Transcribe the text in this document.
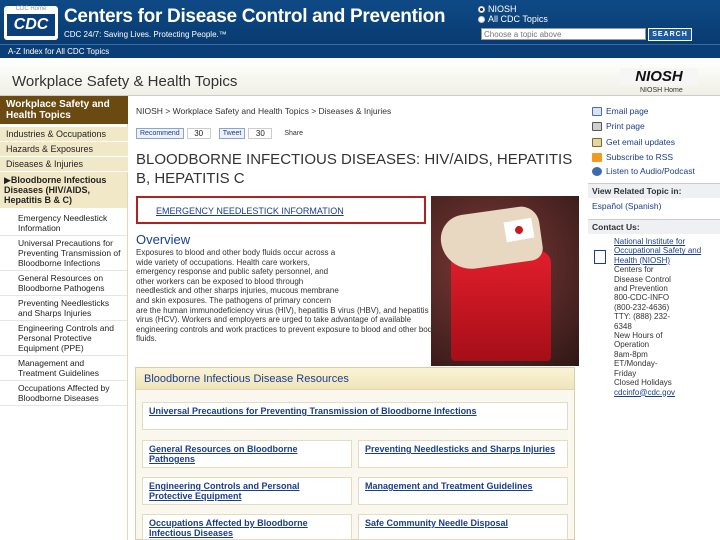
CDC Home
CDC Centers for Disease Control and Prevention
CDC 24/7: Saving Lives. Protecting People.™
NIOSH
All CDC Topics
Choose a topic above
SEARCH
A-Z Index for All CDC Topics
Workplace Safety & Health Topics	NIOSH
NIOSH Home
Workplace Safety and Health Topics
Industries & Occupations
Hazards & Exposures
Diseases & Injuries
▶Bloodborne Infectious Diseases (HIV/AIDS, Hepatitis B & C)
Emergency Needlestick Information
Universal Precautions for Preventing Transmission of Bloodborne Infections
General Resources on Bloodborne Pathogens
Preventing Needlesticks and Sharps Injuries
Engineering Controls and Personal Protective Equipment (PPE)
Management and Treatment Guidelines
Occupations Affected by Bloodborne Diseases
NIOSH > Workplace Safety and Health Topics > Diseases & Injuries
Recommend	30	Tweet	30	Share
BLOODBORNE INFECTIOUS DISEASES: HIV/AIDS, HEPATITIS B, HEPATITIS C
EMERGENCY NEEDLESTICK INFORMATION
Overview
Exposures to blood and other body fluids occur across a
wide variety of occupations. Health care workers,
emergency response and public safety personnel, and
other workers can be exposed to blood through
needlestick and other sharps injuries, mucous membrane
and skin exposures. The pathogens of primary concern
are the human immunodeficiency virus (HIV), hepatitis B virus (HBV), and hepatitis C
virus (HCV). Workers and employers are urged to take advantage of available
engineering controls and work practices to prevent exposure to blood and other body
fluids.
Bloodborne Infectious Disease Resources
Universal Precautions for Preventing Transmission of Bloodborne Infections
General Resources on Bloodborne Pathogens
Preventing Needlesticks and Sharps Injuries
Engineering Controls and Personal Protective Equipment
Management and Treatment Guidelines
Occupations Affected by Bloodborne Infectious Diseases
Safe Community Needle Disposal
Email page
Print page
Get email updates
Subscribe to RSS
Listen to Audio/Podcast
View Related Topic in:
Español (Spanish)
Contact Us:
National Institute for Occupational Safety and Health (NIOSH)
Centers for
Disease Control
and Prevention
800-CDC-INFO
(800-232-4636)
TTY: (888) 232-
6348
New Hours of
Operation
8am-8pm
ET/Monday-
Friday
Closed Holidays
cdcinfo@cdc.gov
